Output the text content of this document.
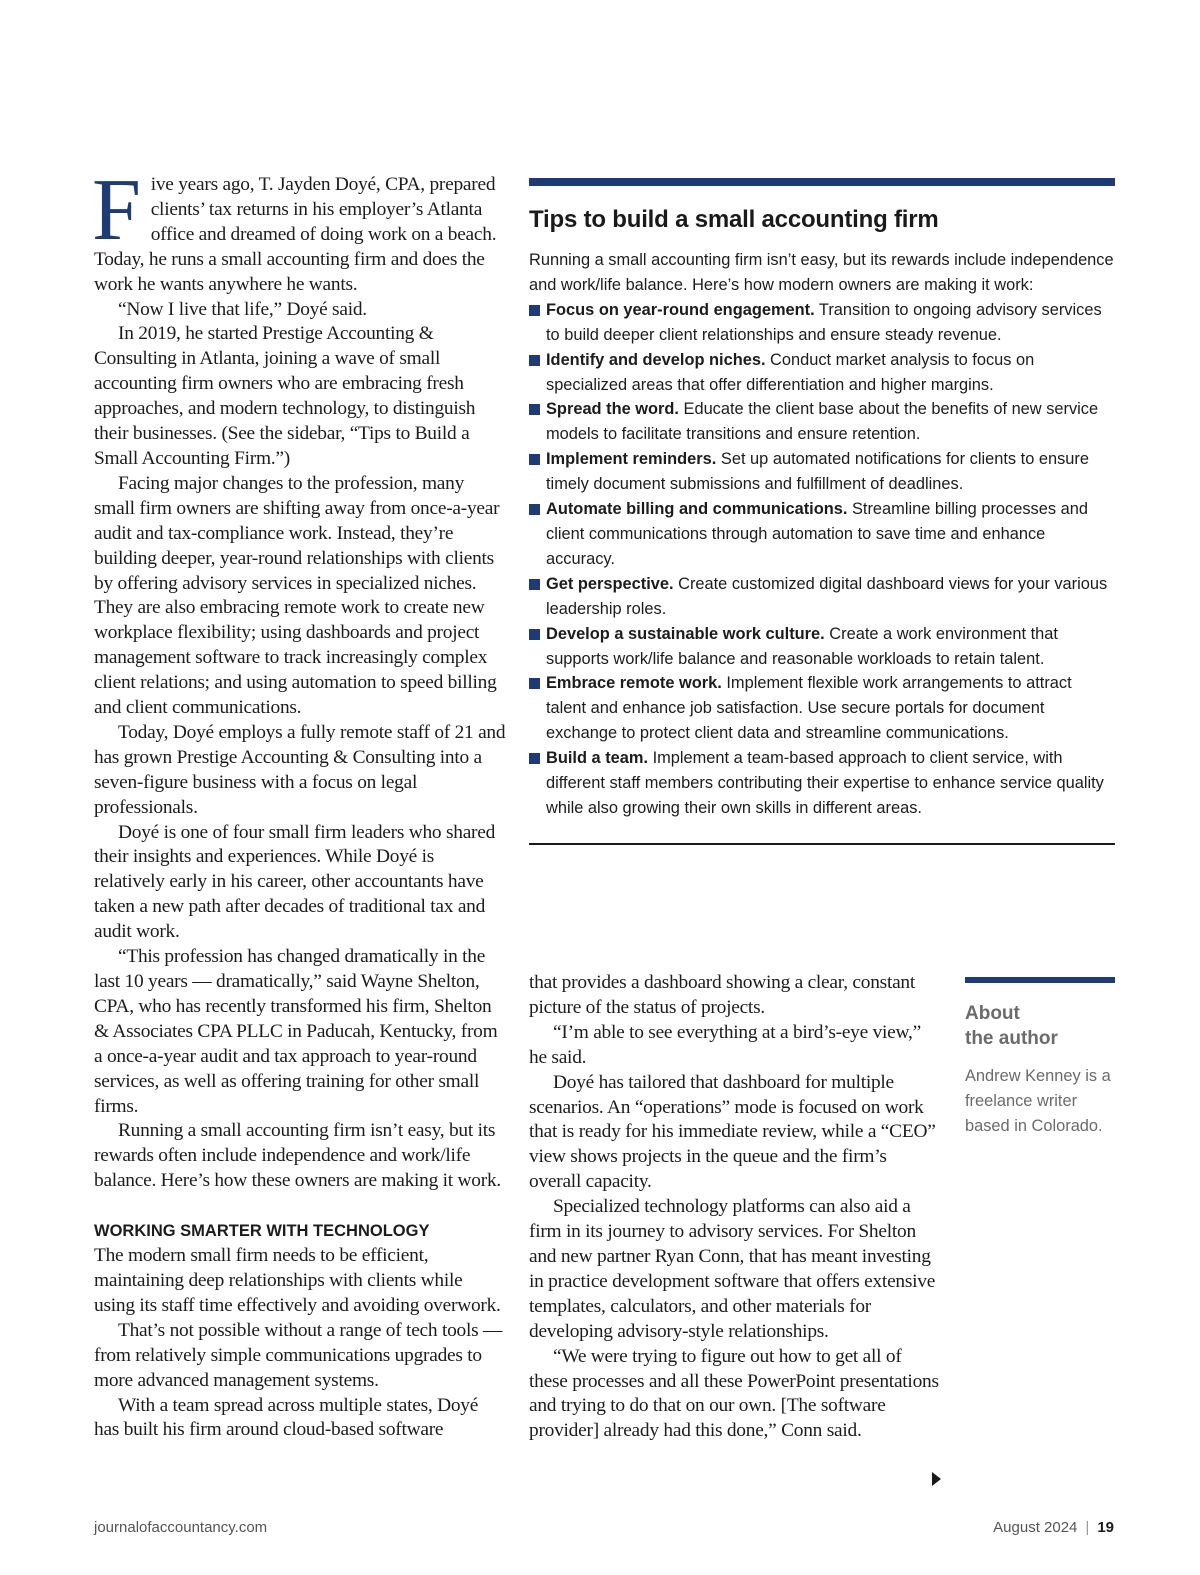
Five years ago, T. Jayden Doyé, CPA, prepared clients’ tax returns in his employer’s Atlanta office and dreamed of doing work on a beach. Today, he runs a small accounting firm and does the work he wants anywhere he wants.

“Now I live that life,” Doyé said.

In 2019, he started Prestige Accounting & Consulting in Atlanta, joining a wave of small accounting firm owners who are embracing fresh approaches, and modern technology, to distinguish their businesses. (See the sidebar, “Tips to Build a Small Accounting Firm.”)

Facing major changes to the profession, many small firm owners are shifting away from once-a-year audit and tax-compliance work. Instead, they’re building deeper, year-round relationships with clients by offering advisory services in specialized niches. They are also embracing remote work to create new workplace flexibility; using dashboards and project management software to track increasingly complex client relations; and using automation to speed billing and client communications.

Today, Doyé employs a fully remote staff of 21 and has grown Prestige Accounting & Consulting into a seven-figure business with a focus on legal professionals.

Doyé is one of four small firm leaders who shared their insights and experiences. While Doyé is relatively early in his career, other accountants have taken a new path after decades of traditional tax and audit work.

“This profession has changed dramatically in the last 10 years — dramatically,” said Wayne Shelton, CPA, who has recently transformed his firm, Shelton & Associates CPA PLLC in Paducah, Kentucky, from a once-a-year audit and tax approach to year-round services, as well as offering training for other small firms.

Running a small accounting firm isn’t easy, but its rewards often include independence and work/life balance. Here’s how these owners are making it work.

WORKING SMARTER WITH TECHNOLOGY

The modern small firm needs to be efficient, maintaining deep relationships with clients while using its staff time effectively and avoiding overwork.

That’s not possible without a range of tech tools — from relatively simple communications upgrades to more advanced management systems.

With a team spread across multiple states, Doyé has built his firm around cloud-based software

Tips to build a small accounting firm

Running a small accounting firm isn’t easy, but its rewards include independence and work/life balance. Here’s how modern owners are making it work:

Focus on year-round engagement. Transition to ongoing advisory services to build deeper client relationships and ensure steady revenue.
Identify and develop niches. Conduct market analysis to focus on specialized areas that offer differentiation and higher margins.
Spread the word. Educate the client base about the benefits of new service models to facilitate transitions and ensure retention.
Implement reminders. Set up automated notifications for clients to ensure timely document submissions and fulfillment of deadlines.
Automate billing and communications. Streamline billing processes and client communications through automation to save time and enhance accuracy.
Get perspective. Create customized digital dashboard views for your various leadership roles.
Develop a sustainable work culture. Create a work environment that supports work/life balance and reasonable workloads to retain talent.
Embrace remote work. Implement flexible work arrangements to attract talent and enhance job satisfaction. Use secure portals for document exchange to protect client data and streamline communications.
Build a team. Implement a team-based approach to client service, with different staff members contributing their expertise to enhance service quality while also growing their own skills in different areas.

that provides a dashboard showing a clear, constant picture of the status of projects.

“I’m able to see everything at a bird’s-eye view,” he said.

Doyé has tailored that dashboard for multiple scenarios. An “operations” mode is focused on work that is ready for his immediate review, while a “CEO” view shows projects in the queue and the firm’s overall capacity.

Specialized technology platforms can also aid a firm in its journey to advisory services. For Shelton and new partner Ryan Conn, that has meant investing in practice development software that offers extensive templates, calculators, and other materials for developing advisory-style relationships.

“We were trying to figure out how to get all of these processes and all these PowerPoint presentations and trying to do that on our own. [The software provider] already had this done,” Conn said.

About
the author
Andrew Kenney is a freelance writer based in Colorado.
journalofaccountancy.com	August 2024 | 19
